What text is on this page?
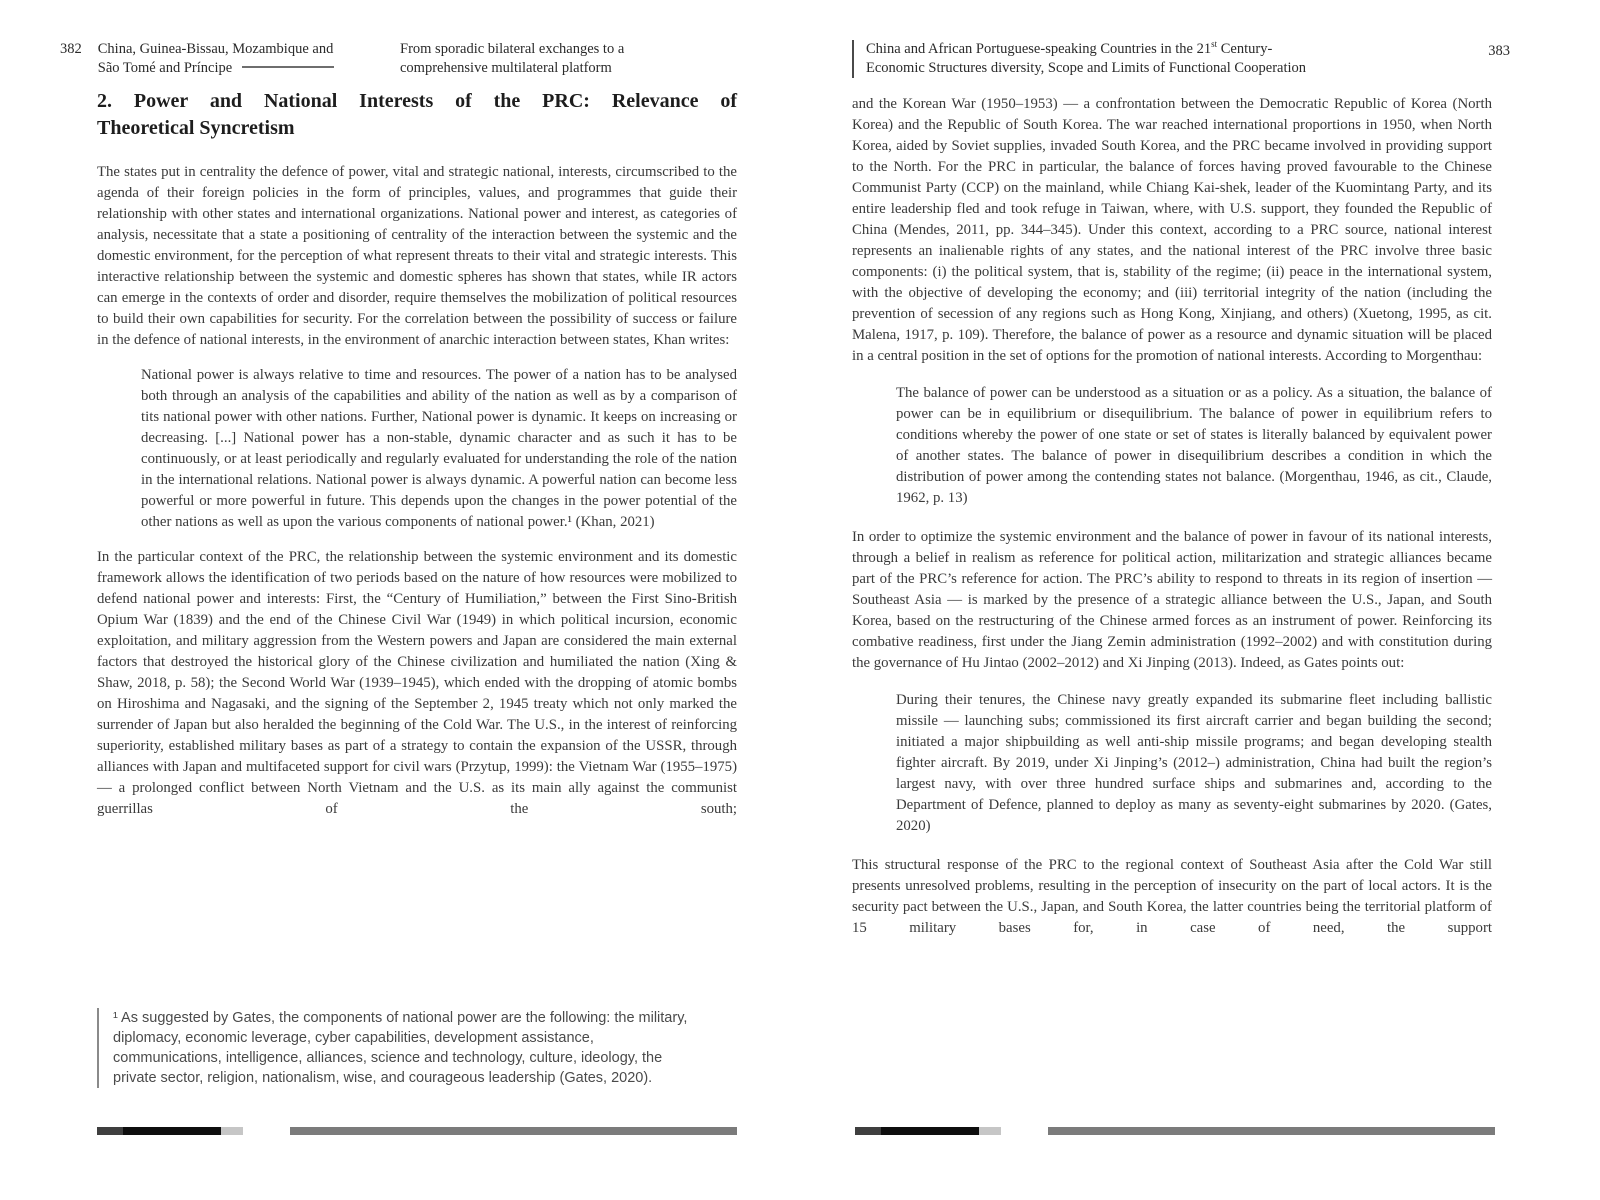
382 China, Guinea-Bissau, Mozambique and
São Tomé and Príncipe
From sporadic bilateral exchanges to a
comprehensive multilateral platform
2. Power and National Interests of the PRC: Relevance of
Theoretical Syncretism

The states put in centrality the defence of power, vital and strategic national, interests, circumscribed to the agenda of their foreign policies in the form of principles, values, and programmes that guide their relationship with other states and international organizations. National power and interest, as categories of analysis, necessitate that a state a positioning of centrality of the interaction between the systemic and the domestic environment, for the perception of what represent threats to their vital and strategic interests. This interactive relationship between the systemic and domestic spheres has shown that states, while IR actors can emerge in the contexts of order and disorder, require themselves the mobilization of political resources to build their own capabilities for security. For the correlation between the possibility of success or failure in the defence of national interests, in the environment of anarchic interaction between states, Khan writes:

National power is always relative to time and resources. The power of a nation has to be analysed both through an analysis of the capabilities and ability of the nation as well as by a comparison of tits national power with other nations. Further, National power is dynamic. It keeps on increasing or decreasing. [...] National power has a non-stable, dynamic character and as such it has to be continuously, or at least periodically and regularly evaluated for understanding the role of the nation in the international relations. National power is always dynamic. A powerful nation can become less powerful or more powerful in future. This depends upon the changes in the power potential of the other nations as well as upon the various components of national power.¹ (Khan, 2021)

In the particular context of the PRC, the relationship between the systemic environment and its domestic framework allows the identification of two periods based on the nature of how resources were mobilized to defend national power and interests: First, the “Century of Humiliation,” between the First Sino-British Opium War (1839) and the end of the Chinese Civil War (1949) in which political incursion, economic exploitation, and military aggression from the Western powers and Japan are considered the main external factors that destroyed the historical glory of the Chinese civilization and humiliated the nation (Xing & Shaw, 2018, p. 58); the Second World War (1939–1945), which ended with the dropping of atomic bombs on Hiroshima and Nagasaki, and the signing of the September 2, 1945 treaty which not only marked the surrender of Japan but also heralded the beginning of the Cold War. The U.S., in the interest of reinforcing superiority, established military bases as part of a strategy to contain the expansion of the USSR, through alliances with Japan and multifaceted support for civil wars (Przytup, 1999): the Vietnam War (1955–1975) — a prolonged conflict between North Vietnam and the U.S. as its main ally against the communist guerrillas of the south;

¹ As suggested by Gates, the components of national power are the following: the military, diplomacy, economic leverage, cyber capabilities, development assistance, communications, intelligence, alliances, science and technology, culture, ideology, the private sector, religion, nationalism, wise, and courageous leadership (Gates, 2020).
China and African Portuguese-speaking Countries in the 21st Century-
Economic Structures diversity, Scope and Limits of Functional Cooperation
383

and the Korean War (1950–1953) — a confrontation between the Democratic Republic of Korea (North Korea) and the Republic of South Korea. The war reached international proportions in 1950, when North Korea, aided by Soviet supplies, invaded South Korea, and the PRC became involved in providing support to the North. For the PRC in particular, the balance of forces having proved favourable to the Chinese Communist Party (CCP) on the mainland, while Chiang Kai-shek, leader of the Kuomintang Party, and its entire leadership fled and took refuge in Taiwan, where, with U.S. support, they founded the Republic of China (Mendes, 2011, pp. 344–345). Under this context, according to a PRC source, national interest represents an inalienable rights of any states, and the national interest of the PRC involve three basic components: (i) the political system, that is, stability of the regime; (ii) peace in the international system, with the objective of developing the economy; and (iii) territorial integrity of the nation (including the prevention of secession of any regions such as Hong Kong, Xinjiang, and others) (Xuetong, 1995, as cit. Malena, 1917, p. 109). Therefore, the balance of power as a resource and dynamic situation will be placed in a central position in the set of options for the promotion of national interests. According to Morgenthau:

The balance of power can be understood as a situation or as a policy. As a situation, the balance of power can be in equilibrium or disequilibrium. The balance of power in equilibrium refers to conditions whereby the power of one state or set of states is literally balanced by equivalent power of another states. The balance of power in disequilibrium describes a condition in which the distribution of power among the contending states not balance. (Morgenthau, 1946, as cit., Claude, 1962, p. 13)

In order to optimize the systemic environment and the balance of power in favour of its national interests, through a belief in realism as reference for political action, militarization and strategic alliances became part of the PRC’s reference for action. The PRC’s ability to respond to threats in its region of insertion — Southeast Asia — is marked by the presence of a strategic alliance between the U.S., Japan, and South Korea, based on the restructuring of the Chinese armed forces as an instrument of power. Reinforcing its combative readiness, first under the Jiang Zemin administration (1992–2002) and with constitution during the governance of Hu Jintao (2002–2012) and Xi Jinping (2013). Indeed, as Gates points out:

During their tenures, the Chinese navy greatly expanded its submarine fleet including ballistic missile — launching subs; commissioned its first aircraft carrier and began building the second; initiated a major shipbuilding as well anti-ship missile programs; and began developing stealth fighter aircraft. By 2019, under Xi Jinping’s (2012–) administration, China had built the region’s largest navy, with over three hundred surface ships and submarines and, according to the Department of Defence, planned to deploy as many as seventy-eight submarines by 2020. (Gates, 2020)

This structural response of the PRC to the regional context of Southeast Asia after the Cold War still presents unresolved problems, resulting in the perception of insecurity on the part of local actors. It is the security pact between the U.S., Japan, and South Korea, the latter countries being the territorial platform of 15 military bases for, in case of need, the support
